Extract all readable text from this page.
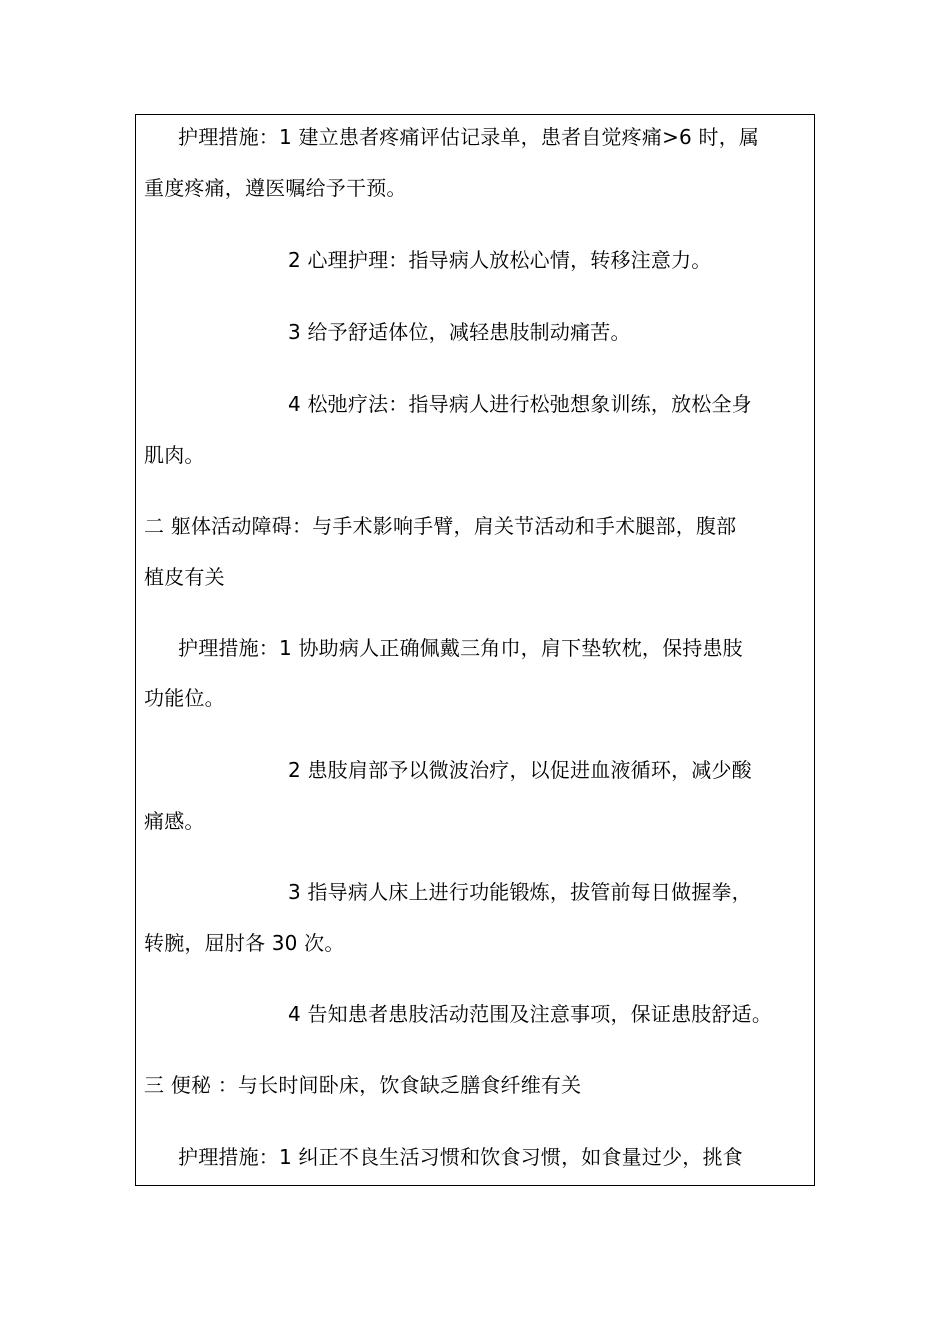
护理措施：1 建立患者疼痛评估记录单，患者自觉疼痛>6 时，属
重度疼痛，遵医嘱给予干预。
2 心理护理：指导病人放松心情，转移注意力。
3 给予舒适体位，减轻患肢制动痛苦。
4 松弛疗法：指导病人进行松弛想象训练，放松全身
肌肉。
二 躯体活动障碍：与手术影响手臂，肩关节活动和手术腿部，腹部
植皮有关
护理措施：1 协助病人正确佩戴三角巾，肩下垫软枕，保持患肢
功能位。
2 患肢肩部予以微波治疗，以促进血液循环，减少酸
痛感。
3 指导病人床上进行功能锻炼，拔管前每日做握拳，
转腕，屈肘各 30 次。
4 告知患者患肢活动范围及注意事项，保证患肢舒适。
三 便秘 ：与长时间卧床，饮食缺乏膳食纤维有关
护理措施：1 纠正不良生活习惯和饮食习惯，如食量过少，挑食
